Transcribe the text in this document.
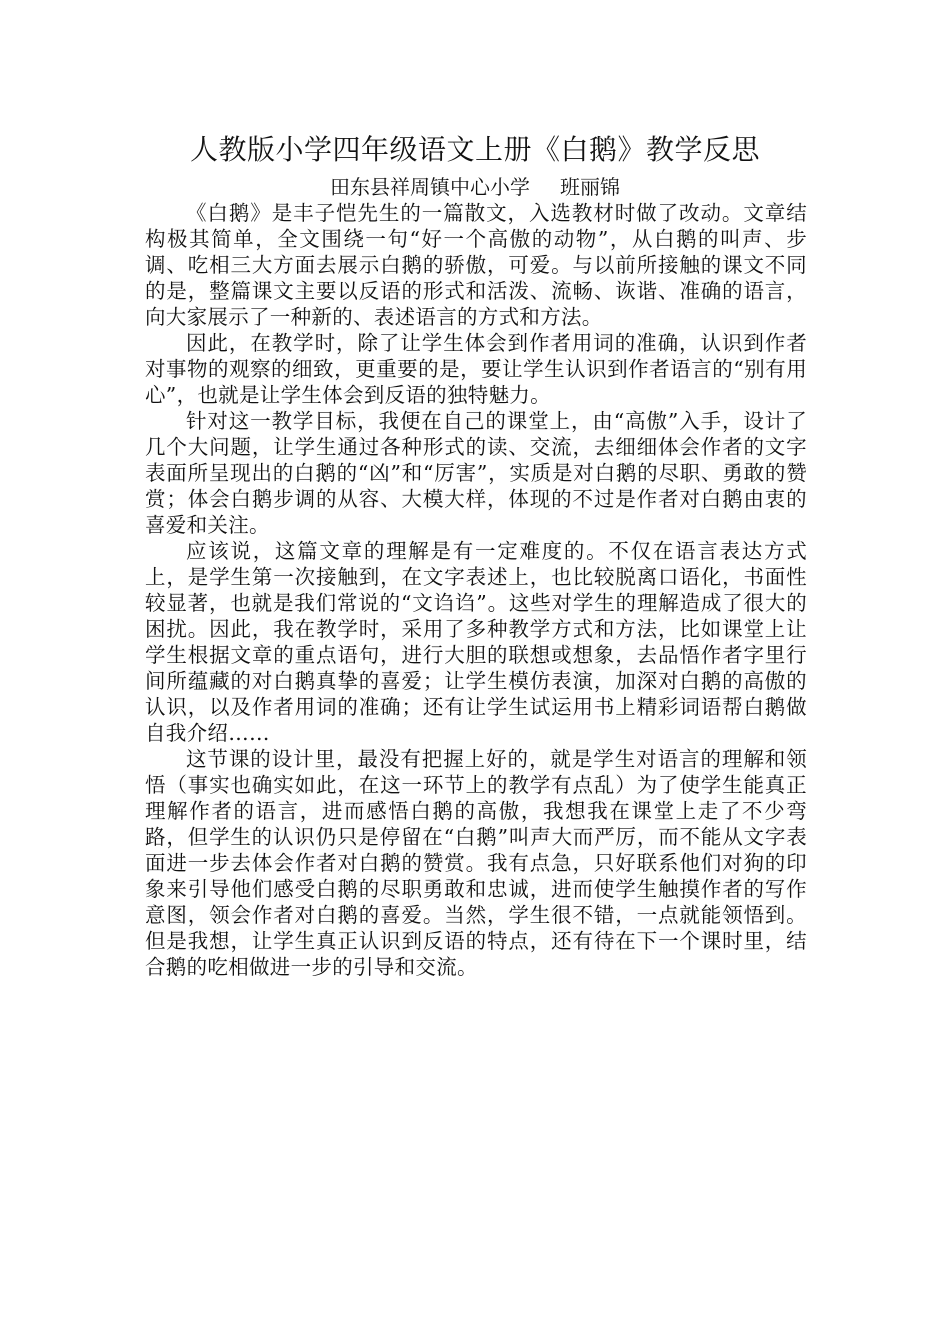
人教版小学四年级语文上册《白鹅》教学反思
田东县祥周镇中心小学 班丽锦

《白鹅》是丰子恺先生的一篇散文，入选教材时做了改动。文章结构极其简单，全文围绕一句“好一个高傲的动物”，从白鹅的叫声、步调、吃相三大方面去展示白鹅的骄傲，可爱。与以前所接触的课文不同的是，整篇课文主要以反语的形式和活泼、流畅、诙谐、准确的语言，向大家展示了一种新的、表述语言的方式和方法。

因此，在教学时，除了让学生体会到作者用词的准确，认识到作者对事物的观察的细致，更重要的是，要让学生认识到作者语言的“别有用心”，也就是让学生体会到反语的独特魅力。

针对这一教学目标，我便在自己的课堂上，由“高傲”入手，设计了几个大问题，让学生通过各种形式的读、交流，去细细体会作者的文字表面所呈现出的白鹅的“凶”和“厉害”，实质是对白鹅的尽职、勇敢的赞赏；体会白鹅步调的从容、大模大样，体现的不过是作者对白鹅由衷的喜爱和关注。

应该说，这篇文章的理解是有一定难度的。不仅在语言表达方式上，是学生第一次接触到，在文字表述上，也比较脱离口语化，书面性较显著，也就是我们常说的“文诌诌”。这些对学生的理解造成了很大的困扰。因此，我在教学时，采用了多种教学方式和方法，比如课堂上让学生根据文章的重点语句，进行大胆的联想或想象，去品悟作者字里行间所蕴藏的对白鹅真挚的喜爱；让学生模仿表演，加深对白鹅的高傲的认识，以及作者用词的准确；还有让学生试运用书上精彩词语帮白鹅做自我介绍……

这节课的设计里，最没有把握上好的，就是学生对语言的理解和领悟（事实也确实如此，在这一环节上的教学有点乱）为了使学生能真正理解作者的语言，进而感悟白鹅的高傲，我想我在课堂上走了不少弯路，但学生的认识仍只是停留在“白鹅”叫声大而严厉，而不能从文字表面进一步去体会作者对白鹅的赞赏。我有点急，只好联系他们对狗的印象来引导他们感受白鹅的尽职勇敢和忠诚，进而使学生触摸作者的写作意图，领会作者对白鹅的喜爱。当然，学生很不错，一点就能领悟到。但是我想，让学生真正认识到反语的特点，还有待在下一个课时里，结合鹅的吃相做进一步的引导和交流。
